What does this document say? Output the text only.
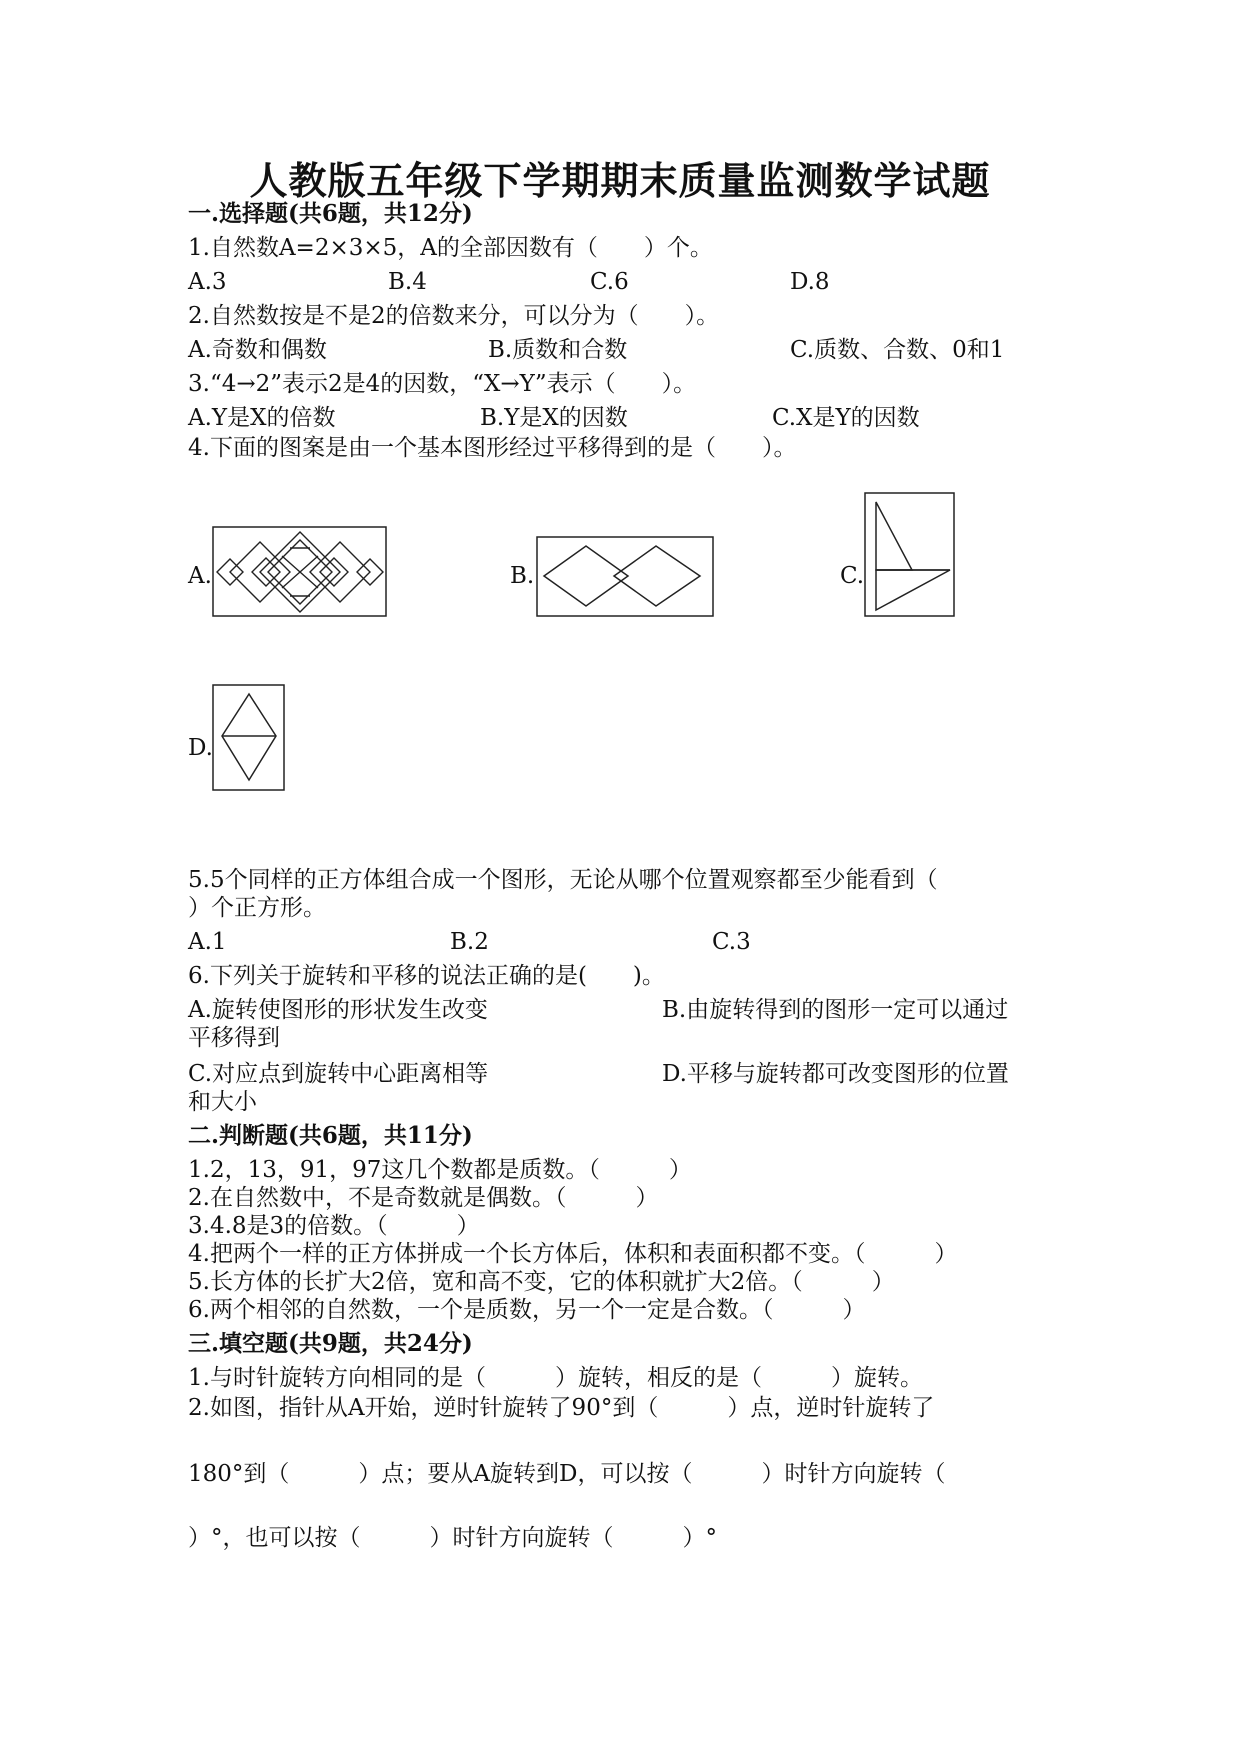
人教版五年级下学期期末质量监测数学试题
一.选择题(共6题，共12分)
1.自然数A=2×3×5，A的全部因数有（　　）个。
A.3	B.4	C.6	D.8
2.自然数按是不是2的倍数来分，可以分为（　　）。
A.奇数和偶数	B.质数和合数	C.质数、合数、0和1
3.“4→2”表示2是4的因数，“X→Y”表示（　　）。
A.Y是X的倍数	B.Y是X的因数	C.X是Y的因数
4.下面的图案是由一个基本图形经过平移得到的是（　　）。
A.	B.	C.
D.
5.5个同样的正方体组合成一个图形，无论从哪个位置观察都至少能看到（
）个正方形。
A.1	B.2	C.3
6.下列关于旋转和平移的说法正确的是(　　)。
A.旋转使图形的形状发生改变	B.由旋转得到的图形一定可以通过
平移得到
C.对应点到旋转中心距离相等	D.平移与旋转都可改变图形的位置
和大小
二.判断题(共6题，共11分)
1.2，13，91，97这几个数都是质数。（　　　）
2.在自然数中，不是奇数就是偶数。（　　　）
3.4.8是3的倍数。（　　　）
4.把两个一样的正方体拼成一个长方体后，体积和表面积都不变。（　　　）
5.长方体的长扩大2倍，宽和高不变，它的体积就扩大2倍。（　　　）
6.两个相邻的自然数，一个是质数，另一个一定是合数。（　　　）
三.填空题(共9题，共24分)
1.与时针旋转方向相同的是（　　　）旋转，相反的是（　　　）旋转。
2.如图，指针从A开始，逆时针旋转了90°到（　　　）点，逆时针旋转了
180°到（　　　）点；要从A旋转到D，可以按（　　　）时针方向旋转（
）°，也可以按（　　　）时针方向旋转（　　　）°
